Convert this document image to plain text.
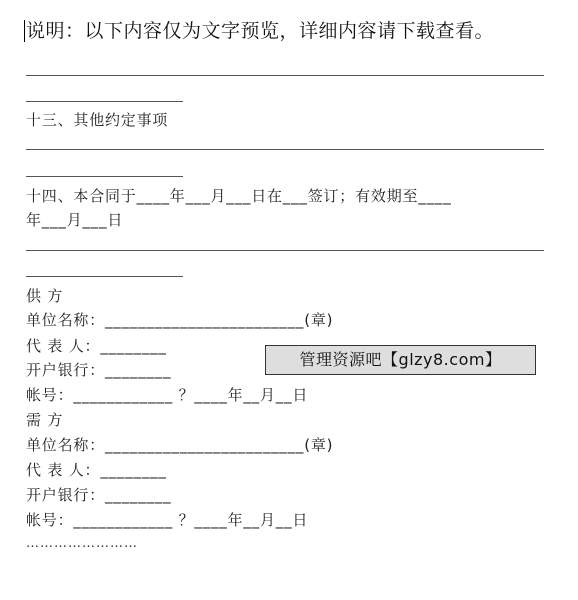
说明：以下内容仅为文字预览，详细内容请下载查看。
十三、其他约定事项
十四、本合同于____年___月___日在___签订；有效期至____
年___月___日
供 方
单位名称：________________________(章)
代 表 人：________
开户银行：________
帐号：____________ ？____年__月__日
管理资源吧【glzy8.com】
需 方
单位名称：________________________(章)
代 表 人：________
开户银行：________
帐号：____________ ？____年__月__日
……………………
